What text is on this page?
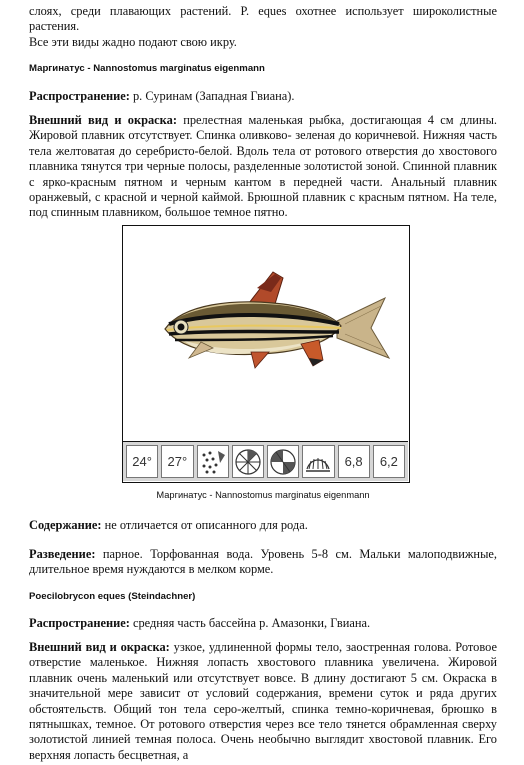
слоях, среди плавающих растений. P. eques охотнее использует широколистные растения.
Все эти виды жадно подают свою икру.

Маргинатус - Nannostomus marginatus eigenmann

Распространение: р. Суринам (Западная Гвиана).

Внешний вид и окраска: прелестная маленькая рыбка, достигающая 4 см длины. Жировой плавник отсутствует. Спинка оливково- зеленая до коричневой. Нижняя часть тела желтоватая до серебристо-белой. Вдоль тела от ротового отверстия до хвостового плавника тянутся три черные полосы, разделенные золотистой зоной. Спинной плавник с ярко-красным пятном и черным кантом в передней части. Анальный плавник оранжевый, с красной и черной каймой. Брюшной плавник с красным пятном. На теле, под спинным плавником, большое темное пятно.

24°	27°	6,8	6,2
Маргинатус - Nannostomus marginatus eigenmann

Содержание: не отличается от описанного для рода.

Разведение: парное. Торфованная вода. Уровень 5-8 см. Мальки малоподвижные, длительное время нуждаются в мелком корме.

Poecilobrycon eques (Steindachner)

Распространение: средняя часть бассейна р. Амазонки, Гвиана.

Внешний вид и окраска: узкое, удлиненной формы тело, заостренная голова. Ротовое отверстие маленькое. Нижняя лопасть хвостового плавника увеличена. Жировой плавник очень маленький или отсутствует вовсе. В длину достигают 5 см. Окраска в значительной мере зависит от условий содержания, времени суток и ряда других обстоятельств. Общий тон тела серо-желтый, спинка темно-коричневая, брюшко в пятнышках, темное. От ротового отверстия через все тело тянется обрамленная сверху золотистой линией темная полоса. Очень необычно выглядит хвостовой плавник. Его верхняя лопасть бесцветная, а
